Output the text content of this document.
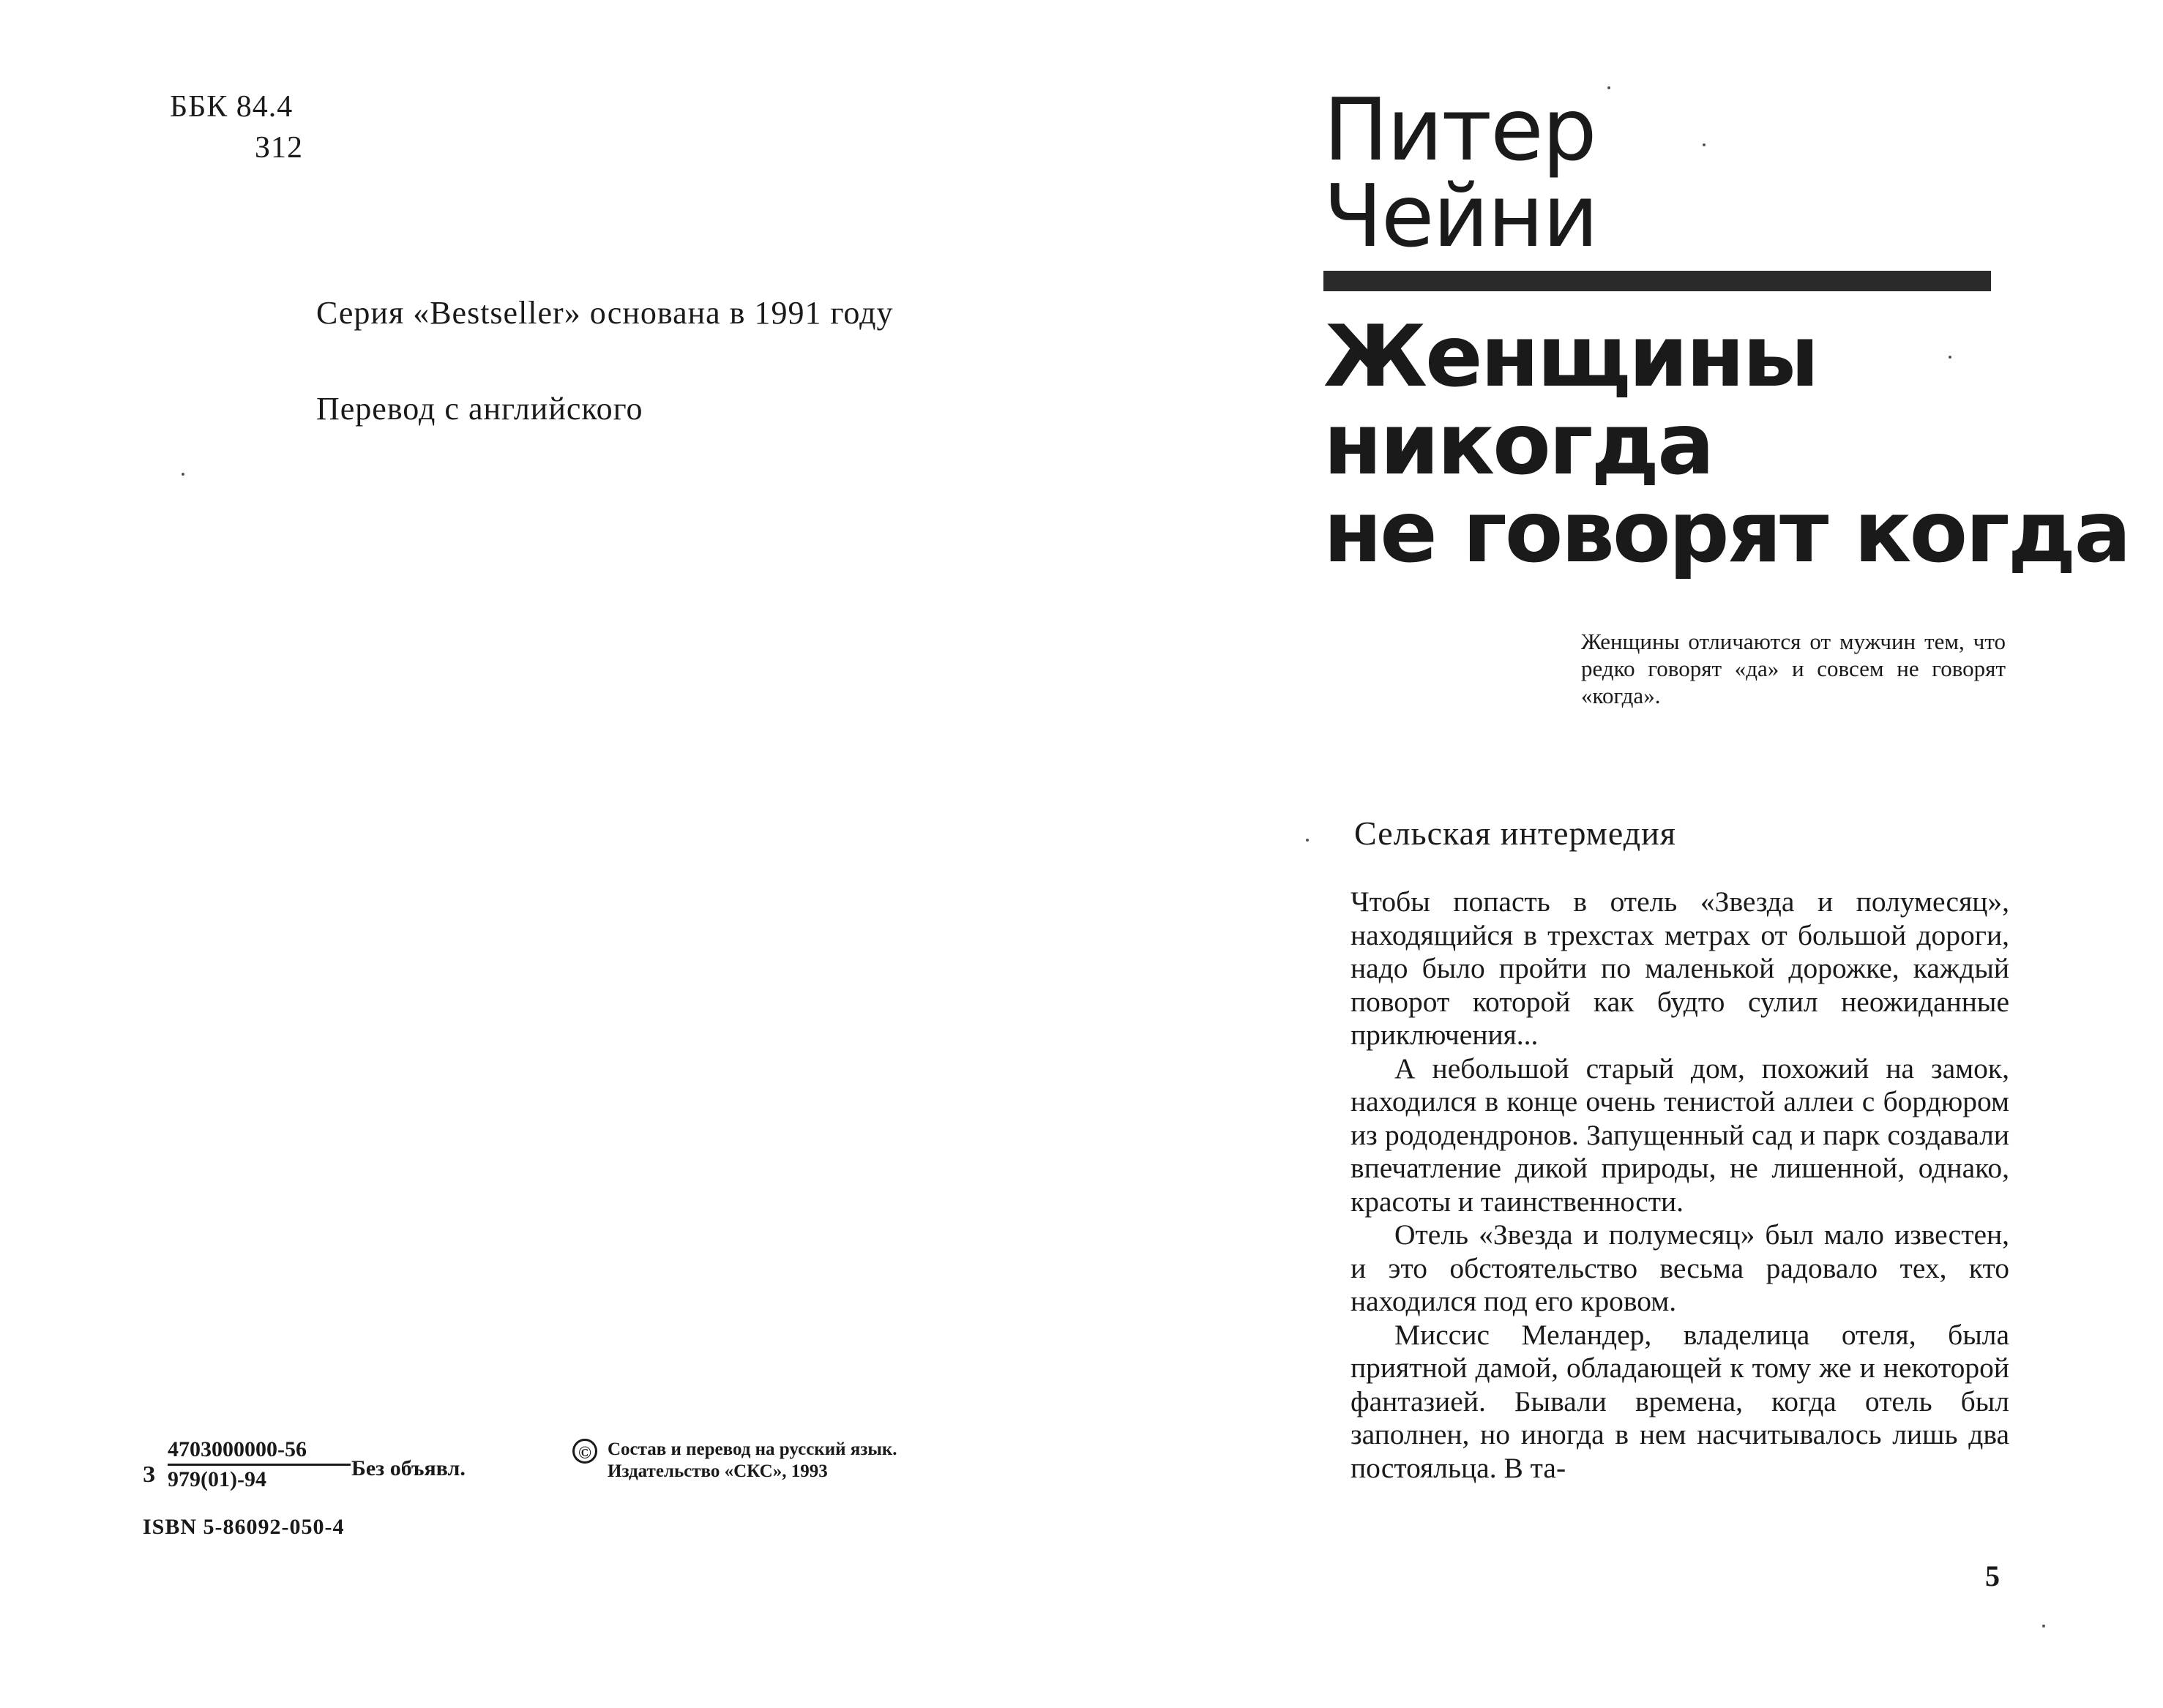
ББК 84.4
З12
Серия «Bestseller» основана в 1991 году
Перевод с английского
З $\frac{4703000000-56}{979(01)-94}$
Без объявл.
ISBN 5-86092-050-4
© Состав и перевод на русский язык. Издательство «СКС», 1993
Питер
Чейни
Женщины
никогда
не говорят когда
Женщины отличаются от мужчин тем, что редко говорят «да» и совсем не говорят «когда».
Сельская интермедия

Чтобы попасть в отель «Звезда и полумесяц», находящийся в трехстах метрах от большой дороги, надо было пройти по маленькой дорожке, каждый поворот которой как будто сулил неожиданные приключения...

А небольшой старый дом, похожий на замок, находился в конце очень тенистой аллеи с бордюром из рододендронов. Запущенный сад и парк создавали впечатление дикой природы, не лишенной, однако, красоты и таинственности.

Отель «Звезда и полумесяц» был мало известен, и это обстоятельство весьма радовало тех, кто находился под его кровом.

Миссис Меландер, владелица отеля, была приятной дамой, обладающей к тому же и некоторой фантазией. Бывали времена, когда отель был заполнен, но иногда в нем насчитывалось лишь два постояльца. В та-

5
